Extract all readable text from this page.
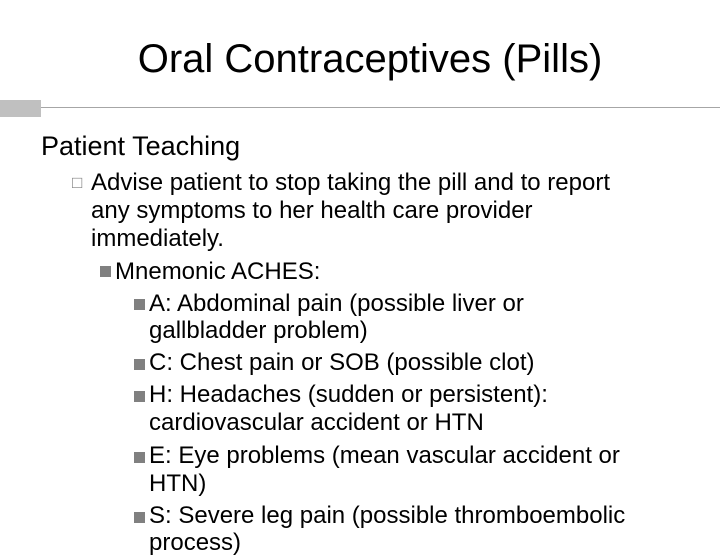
Oral Contraceptives (Pills)
Patient Teaching
□ Advise patient to stop taking the pill and to report
any symptoms to her health care provider
immediately.
Mnemonic ACHES:
A: Abdominal pain (possible liver or
gallbladder problem)
C: Chest pain or SOB (possible clot)
H: Headaches (sudden or persistent):
cardiovascular accident or HTN
E: Eye problems (mean vascular accident or
HTN)
S: Severe leg pain (possible thromboembolic
process)
